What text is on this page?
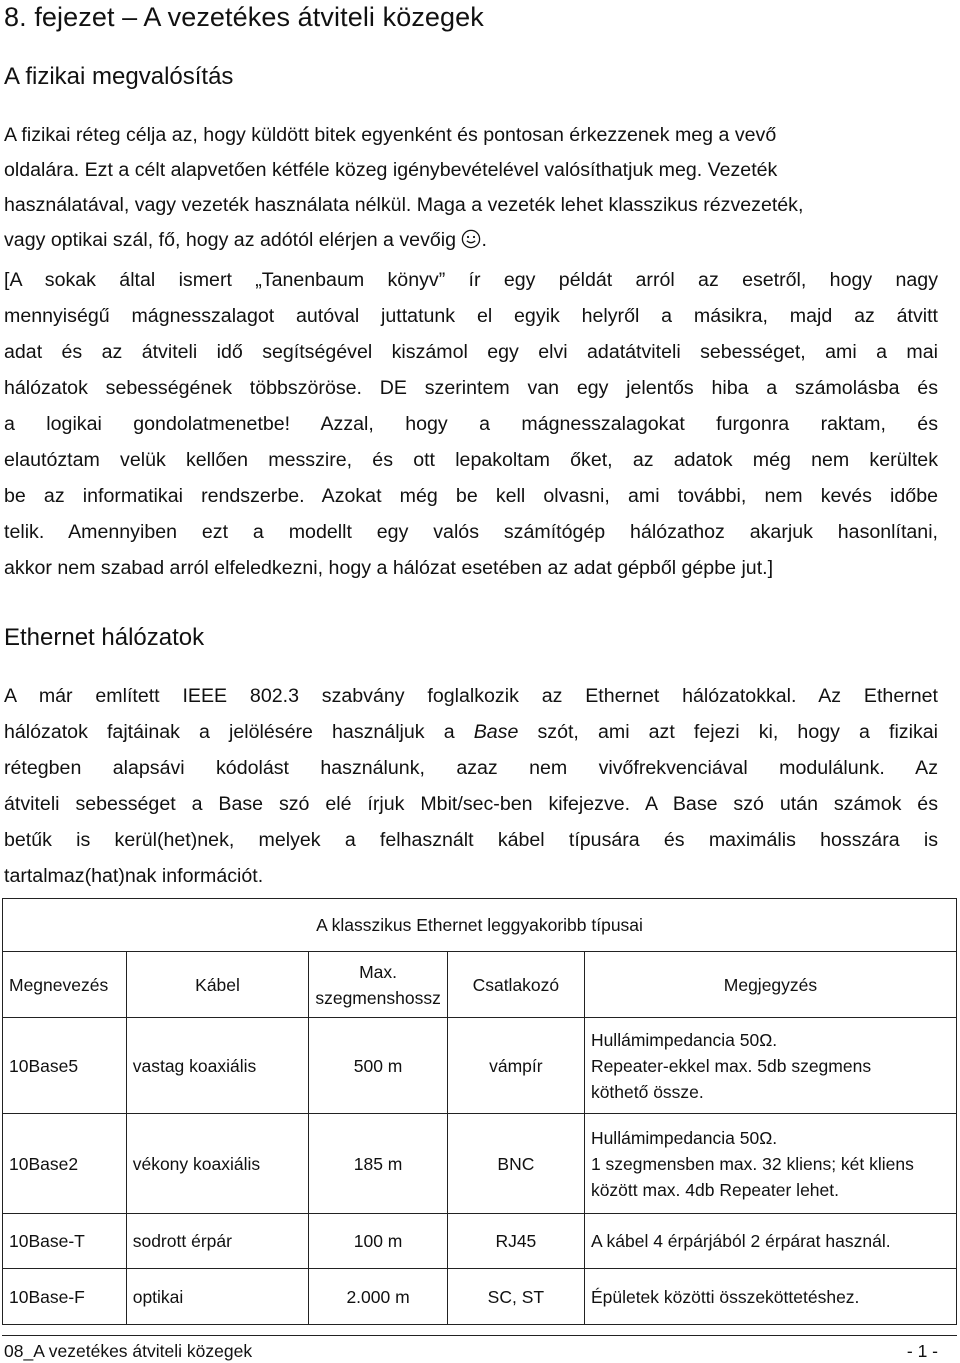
8. fejezet – A vezetékes átviteli közegek
A fizikai megvalósítás

A fizikai réteg célja az, hogy küldött bitek egyenként és pontosan érkezzenek meg a vevő
oldalára. Ezt a célt alapvetően kétféle közeg igénybevételével valósíthatjuk meg. Vezeték
használatával, vagy vezeték használata nélkül. Maga a vezeték lehet klasszikus rézvezeték,
vagy optikai szál, fő, hogy az adótól elérjen a vevőig .

[A sokak által ismert „Tanenbaum könyv” ír egy példát arról az esetről, hogy nagy
mennyiségű mágnesszalagot autóval juttatunk el egyik helyről a másikra, majd az átvitt
adat és az átviteli idő segítségével kiszámol egy elvi adatátviteli sebességet, ami a mai
hálózatok sebességének többszöröse. DE szerintem van egy jelentős hiba a számolásba és
a logikai gondolatmenetbe! Azzal, hogy a mágnesszalagokat furgonra raktam, és
elautóztam velük kellően messzire, és ott lepakoltam őket, az adatok még nem kerültek
be az informatikai rendszerbe. Azokat még be kell olvasni, ami további, nem kevés időbe
telik. Amennyiben ezt a modellt egy valós számítógép hálózathoz akarjuk hasonlítani,
akkor nem szabad arról elfeledkezni, hogy a hálózat esetében az adat gépből gépbe jut.]

Ethernet hálózatok

A már említett IEEE 802.3 szabvány foglalkozik az Ethernet hálózatokkal. Az Ethernet
hálózatok fajtáinak a jelölésére használjuk a Base szót, ami azt fejezi ki, hogy a fizikai
rétegben alapsávi kódolást használunk, azaz nem vivőfrekvenciával modulálunk. Az
átviteli sebességet a Base szó elé írjuk Mbit/sec-ben kifejezve. A Base szó után számok és
betűk is kerül(het)nek, melyek a felhasznált kábel típusára és maximális hosszára is
tartalmaz(hat)nak információt.

A klasszikus Ethernet leggyakoribb típusai				
Megnevezés	Kábel	Max. szegmenshossz	Csatlakozó	Megjegyzés
10Base5	vastag koaxiális	500 m	vámpír	Hullámimpedancia 50Ω.
Repeater-ekkel max. 5db szegmens
köthető össze.

10Base2	vékony koaxiális	185 m	BNC	Hullámimpedancia 50Ω.
1 szegmensben max. 32 kliens; két kliens
között max. 4db Repeater lehet.

10Base-T	sodrott érpár	100 m	RJ45	A kábel 4 érpárjából 2 érpárat használ.

10Base-F	optikai	2.000 m	SC, ST	Épületek közötti összeköttetéshez.
08_A vezetékes átviteli közegek	- 1 -
